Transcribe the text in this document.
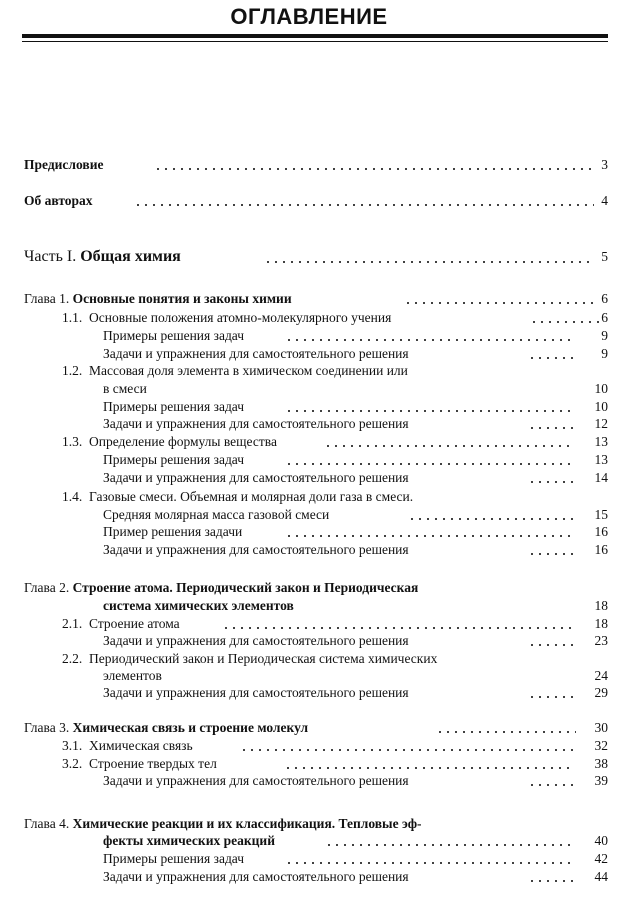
ОГЛАВЛЕНИЕ
Предисловие	3
Об авторах	4
Часть I. Общая химия	5
Глава 1. Основные понятия и законы химии	6
1.1. Основные положения атомно-молекулярного учения	6
Примеры решения задач	9
Задачи и упражнения для самостоятельного решения	9
1.2. Массовая доля элемента в химическом соединении или
в смеси	10
Примеры решения задач	10
Задачи и упражнения для самостоятельного решения	12
1.3. Определение формулы вещества	13
Примеры решения задач	13
Задачи и упражнения для самостоятельного решения	14
1.4. Газовые смеси. Объемная и молярная доли газа в смеси.
Средняя молярная масса газовой смеси	15
Пример решения задачи	16
Задачи и упражнения для самостоятельного решения	16
Глава 2. Строение атома. Периодический закон и Периодическая
система химических элементов	18
2.1. Строение атома	18
Задачи и упражнения для самостоятельного решения	23
2.2. Периодический закон и Периодическая система химических
элементов	24
Задачи и упражнения для самостоятельного решения	29
Глава 3. Химическая связь и строение молекул	30
3.1. Химическая связь	32
3.2. Строение твердых тел	38
Задачи и упражнения для самостоятельного решения	39
Глава 4. Химические реакции и их классификация. Тепловые эф-
фекты химических реакций	40
Примеры решения задач	42
Задачи и упражнения для самостоятельного решения	44
